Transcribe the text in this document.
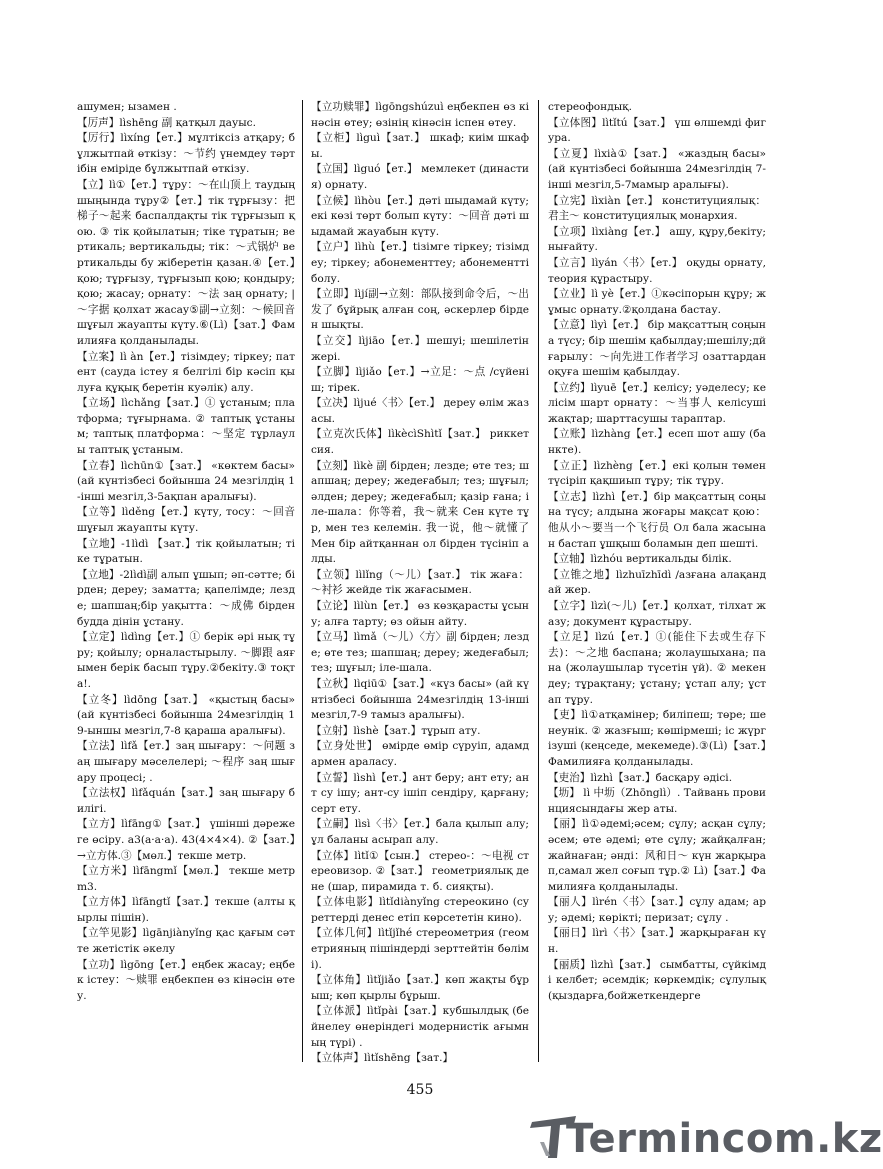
ашумен; ызамен .

【厉声】lìshēng 副 қатқыл дауыс.

【厉行】lìxíng【ет.】мұлтіксіз атқару; бұлжытпай өткізу：～节约 үнемдеу тәртібін еміріде бұлжытпай өткізу.

【立】lì①【ет.】тұру：～在山顶上 таудың шыңында тұру②【ет.】тік тұрғызу：把梯子～起来 баспалдақты тік тұрғызып қою. ③ тік қойылатын; тіке тұратын; вертикаль; вертикальды; тік：～式锅炉 вертикальды бу жіберетін қазан.④【ет.】қою; тұрғызу, тұрғызып қою; қондыру; қою; жасау; орнату：～法 заң орнату; |～字据 қолхат жасау⑤副→立刻：～候回音 шұғыл жауапты күту.⑥(Lì)【зат.】Фамилияға қолданылады.

【立案】lì àn【ет.】тізімдеу; тіркеу; патент (сауда істеу я белгілі бір кәсіп қылуға құқық беретін куәлік) алу.

【立场】lìchǎng【зат.】① ұстаным; платформа; тұғырнама. ② таптық ұстаным; таптық платформа：～坚定 тұрлаулы таптық ұстаным.

【立春】lìchūn①【зат.】 «көктем басы» (ай күнтізбесі бойынша 24 мезгілдің 1-інші мезгіл,3-5ақпан аралығы).

【立等】lìděng【ет.】күту, тосу：～回音 шұғыл жауапты күту.

【立地】-1lìdì 【зат.】тік қойылатын; тіке тұратын.

【立地】-2lìdì副 алып ұшып; әп-сәтте; бірден; дереу; заматта; қапелімде; лезде; шапшаң;бір уақытта：～成佛 бірден будда дінін ұстану.

【立定】lìdìng【ет.】① берік әрі нық тұру; қойылу; орналастырылу. ～脚跟 аяғымен берік басып тұру.②бекіту.③ тоқта!.

【立冬】lìdōng【зат.】 «қыстың басы» (ай күнтізбесі бойынша 24мезгілдің 19-ыншы мезгіл,7-8 қараша аралығы).

【立法】lìfǎ【ет.】заң шығару：～问题 заң шығару мәселелері; ～程序 заң шығару процесі; .

【立法权】lìfǎquán【зат.】заң шығару билігі.

【立方】lìfāng①【зат.】 үшінші дәрежеге өсіру. a3(a·a·a). 43(4×4×4). ②【зат.】→立方体.③【мөл.】текше метр.

【立方米】lìfāngmǐ【мөл.】 текше метр m3.

【立方体】lìfāngtǐ【зат.】текше (алты қырлы пішін).

【立竿见影】lìgānjiànyǐng қас қағым сәтте жетістік әкелу

【立功】lìgōng【ет.】еңбек жасау; еңбек істеу：～赎罪 еңбекпен өз кінәсін өтеу.

【立功赎罪】lìgōngshúzuì еңбекпен өз кінәсін өтеу; өзінің кінәсін іспен өтеу.

【立柜】lìguì【зат.】 шкаф; киім шкафы.

【立国】lìguó【ет.】 мемлекет (династия) орнату.

【立候】lìhòu【ет.】дәті шыдамай күту; екі көзі төрт болып күту：～回音 дәті шыдамай жауабын күту.

【立户】lìhù【ет.】tізімге тіркеу; тізімдеу; тіркеу; абонементтеу; абонементті болу.

【立即】lìjí副→立刻：部队接到命令后，～出发了 бұйрық алған соң, әскерлер бірден шықты.

【立交】lìjiāo【ет.】шешуі; шешілетін жері.

【立脚】lìjiǎo【ет.】→立足：～点 /сүйеніш; тірек.

【立决】lìjué〈书〉【ет.】 дереу өлім жазасы.

【立克次氏体】lìkècìShìtǐ【зат.】 риккетсия.

【立刻】lìkè 副 бірден; лезде; өте тез; шапшаң; дереу; жедеғабыл; тез; шұғыл; әлден; дереу; жедеғабыл; қазір ғана; іле-шала：你等着，我～就来 Сен күте тұр, мен тез келемін. 我一说，他～就懂了 Мен бір айтқаннан ол бірден түсініп алды.

【立领】lìlǐng（～儿）【зат.】 тік жаға：～衬衫 жейде тік жағасымен.

【立论】lìlùn【ет.】 өз көзқарасты ұсыну; алға тарту; өз ойын айту.

【立马】lìmǎ（～儿）〈方〉副 бірден; лезде; өте тез; шапшаң; дереу; жедеғабыл; тез; шұғыл; іле-шала.

【立秋】lìqiū①【зат.】«күз басы» (ай күнтізбесі бойынша 24мезгілдің 13-інші мезгіл,7-9 тамыз аралығы).

【立射】lìshè【зат.】тұрып ату.

【立身处世】 өмірде өмір сүруіп, адамдармен араласу.

【立誓】lìshì【ет.】ант беру; ант ету; ант су ішу; ант-су ішіп сендіру, қарғану; серт ету.

【立嗣】lìsì〈书〉【ет.】бала қылып алу; ұл баланы асырап алу.

【立体】lìtǐ①【сын.】 стерео-：～电视 стереовизор. ②【зат.】 геометриялық дене (шар, пирамида т. б. сияқты).

【立体电影】lìtǐdiànyǐng стереокино (суреттерді денес етіп көрсететін кино).

【立体几何】lìtǐjǐhé стереометрия (геометрияның пішіндерді зерттейтін бөлімі).

【立体角】lìtǐjiǎo【зат.】көп жақты бұрыш; көп қырлы бұрыш.

【立体派】lìtǐpài【зат.】кубшылдық (бейнелеу өнеріндегі модернистік ағымның түрі) .

【立体声】lìtǐshēng【зат.】

стереофондық.

【立体图】lìtǐtú【зат.】 үш өлшемді фигура.

【立夏】lìxià①【зат.】 «жаздың басы» (ай күнтізбесі бойынша 24мезгілдің 7-інші мезгіл,5-7мамыр аралығы).

【立宪】lìxiàn【ет.】 конституциялық：君主～ конституциялық монархия.

【立项】lìxiàng【ет.】 ашу, құру,бекіту; нығайту.

【立言】lìyán〈书〉【ет.】 оқуды орнату,теория құрастыру.

【立业】lì yè【ет.】①кәсіпорын құру; жұмыс орнату.②қолдана бастау.

【立意】lìyì【ет.】 бір мақсаттың соңына түсу; бір шешім қабылдау;шешілу;дйғарылу：～向先进工作者学习 озаттардан оқуға шешім қабылдау.

【立约】lìyuē【ет.】келісу; уәделесу; келісім шарт орнату：～当事人 келісуші жақтар; шарттасушы тараптар.

【立账】lìzhàng【ет.】есеп шот ашу (банкте).

【立正】lìzhèng【ет.】екі қолын төмен түсіріп қақшиып тұру; тік тұру.

【立志】lìzhì【ет.】бір мақсаттың соңына түсу; алдына жоғары мақсат қою：他从小～要当一个飞行员 Ол бала жасынан бастап ұшқыш боламын деп шешті.

【立轴】lìzhóu вертикальды білік.

【立锥之地】lìzhuīzhīdì /азғана алақандай жер.

【立字】lìzì(～儿)【ет.】қолхат, тілхат жазу; документ құрастыру.

【立足】lìzú【ет.】①(能住下去或生存下去)：～之地 баспана; жолаушыхана; пана (жолаушылар түсетін үй). ② мекендеу; тұрақтану; ұстану; ұстап алу; ұстап тұру.

【吏】lì①атқамінер; биліпеш; төре; шенеунік. ② жазғыш; көшірмеші; іс жүргізуші (кеңседе, мекемеде).③(Lì)【зат.】Фамилияға қолданылады.

【吏治】lìzhì【зат.】басқару әдісі.

【坜】 lì 中坜（Zhōnglì）. Тайвань провинциясындағы жер аты.

【丽】lì①әдемі;әсем; сұлу; асқан сұлу; әсем; өте әдемі; өте сұлу; жайқалған; жайнаған; әнді：风和日～ күн жарқырап,самал жел соғып тұр.② Lì)【зат.】Фамилияға қолданылады.

【丽人】lìrén〈书〉【зат.】сұлу адам; ару; әдемі; көрікті; перизат; сұлу .

【丽日】lìrì〈书〉【зат.】жарқыраған күн.

【丽质】lìzhì【зат.】 сымбатты, сүйкімді келбет; әсемдік; көркемдік; сұлулық (қыздарға,бойжеткендерге

455
Termincom.kz
